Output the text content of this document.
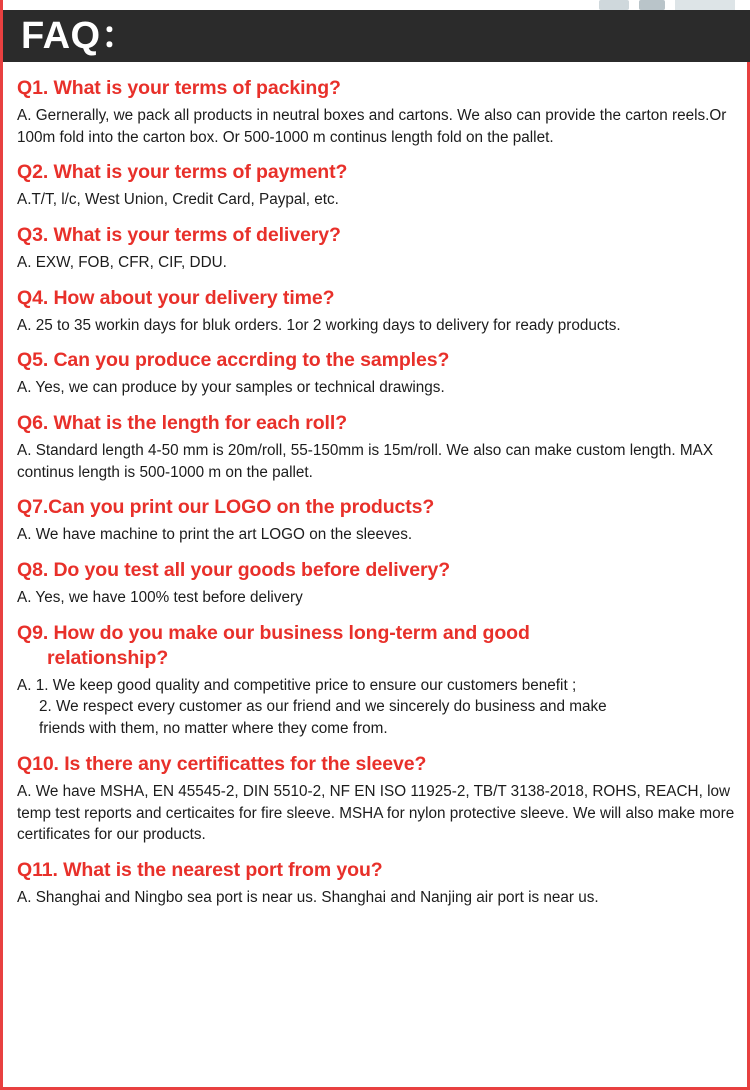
FAQ：

Q1. What is your terms of packing?

A. Gernerally, we pack all products in neutral boxes and cartons. We also can provide the carton reels.Or 100m fold into the carton box. Or 500-1000 m continus length fold on the pallet.

Q2. What is your terms of payment?

A.T/T, l/c, West Union, Credit Card, Paypal, etc.

Q3. What is your terms of delivery?

A. EXW, FOB, CFR, CIF, DDU.

Q4. How about your delivery time?

A. 25 to 35 workin days for bluk orders. 1or 2 working days to delivery for ready products.

Q5. Can you produce accrding to the samples?

A. Yes, we can produce by your samples or technical drawings.

Q6. What is the length for each roll?

A. Standard length 4-50 mm is 20m/roll, 55-150mm is 15m/roll. We also can make custom length. MAX continus length is 500-1000 m on the pallet.

Q7.Can you print our LOGO on the products?

A. We have machine to print the art LOGO on the sleeves.

Q8. Do you test all your goods before delivery?

A. Yes, we have 100% test before delivery

Q9. How do you make our business long-term and good
relationship?

A. 1. We keep good quality and competitive price to ensure our customers benefit ;
2. We respect every customer as our friend and we sincerely do business and make
friends with them, no matter where they come from.

Q10. Is there any certificattes for the sleeve?

A. We have MSHA, EN 45545-2, DIN 5510-2, NF EN ISO 11925-2, TB/T 3138-2018, ROHS, REACH, low temp test reports and certicaites for fire sleeve. MSHA for nylon protective sleeve. We will also make more certificates for our products.

Q11. What is the nearest port from you?

A. Shanghai and Ningbo sea port is near us. Shanghai and Nanjing air port is near us.
